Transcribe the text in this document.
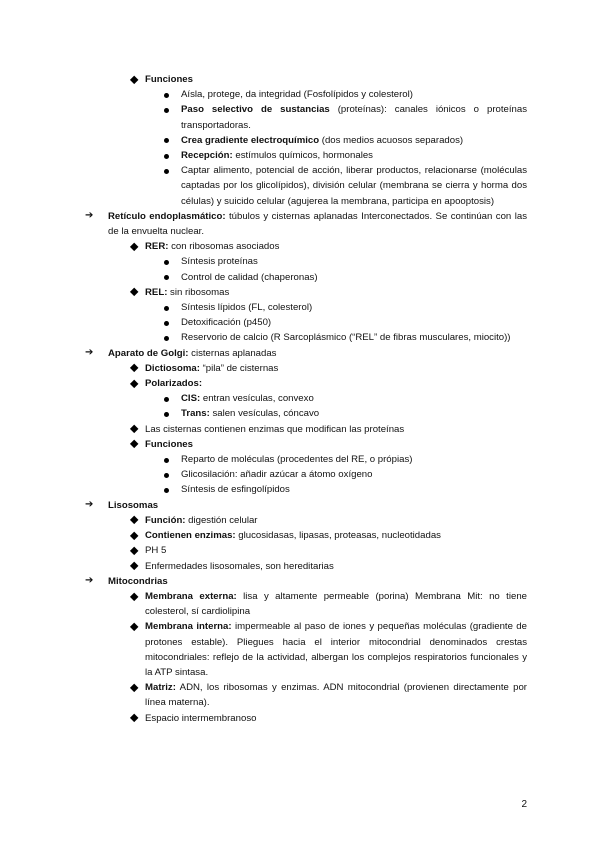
Funciones
Aísla, protege, da integridad (Fosfolípidos y colesterol)
Paso selectivo de sustancias (proteínas): canales iónicos o proteínas transportadoras.
Crea gradiente electroquímico (dos medios acuosos separados)
Recepción: estímulos químicos, hormonales
Captar alimento, potencial de acción, liberar productos, relacionarse (moléculas captadas por los glicolípidos), división celular (membrana se cierra y horma dos células) y suicido celular (agujerea la membrana, participa en apooptosis)
➔ Retículo endoplasmático: túbulos y cisternas aplanadas Interconectados. Se continúan con las de la envuelta nuclear.
RER: con ribosomas asociados
Síntesis proteínas
Control de calidad (chaperonas)
REL: sin ribosomas
Síntesis lípidos (FL, colesterol)
Detoxificación (p450)
Reservorio de calcio (R Sarcoplásmico (“REL” de fibras musculares, miocito))
➔ Aparato de Golgi: cisternas aplanadas
Dictiosoma: “pila” de cisternas
Polarizados:
CIS: entran vesículas, convexo
Trans: salen vesículas, cóncavo
Las cisternas contienen enzimas que modifican las proteínas
Funciones
Reparto de moléculas (procedentes del RE, o própias)
Glicosilación: añadir azúcar a átomo oxígeno
Síntesis de esfingolípidos
➔ Lisosomas
Función: digestión celular
Contienen enzimas: glucosidasas, lipasas, proteasas, nucleotidadas
PH 5
Enfermedades lisosomales, son hereditarias
➔ Mitocondrias
Membrana externa: lisa y altamente permeable (porina) Membrana Mit: no tiene colesterol, sí cardiolipina
Membrana interna: impermeable al paso de iones y pequeñas moléculas (gradiente de protones estable). Pliegues hacia el interior mitocondrial denominados crestas mitocondriales: reflejo de la actividad, albergan los complejos respiratorios funcionales y la ATP sintasa.
Matriz: ADN, los ribosomas y enzimas. ADN mitocondrial (provienen directamente por línea materna).
Espacio intermembranoso
2
